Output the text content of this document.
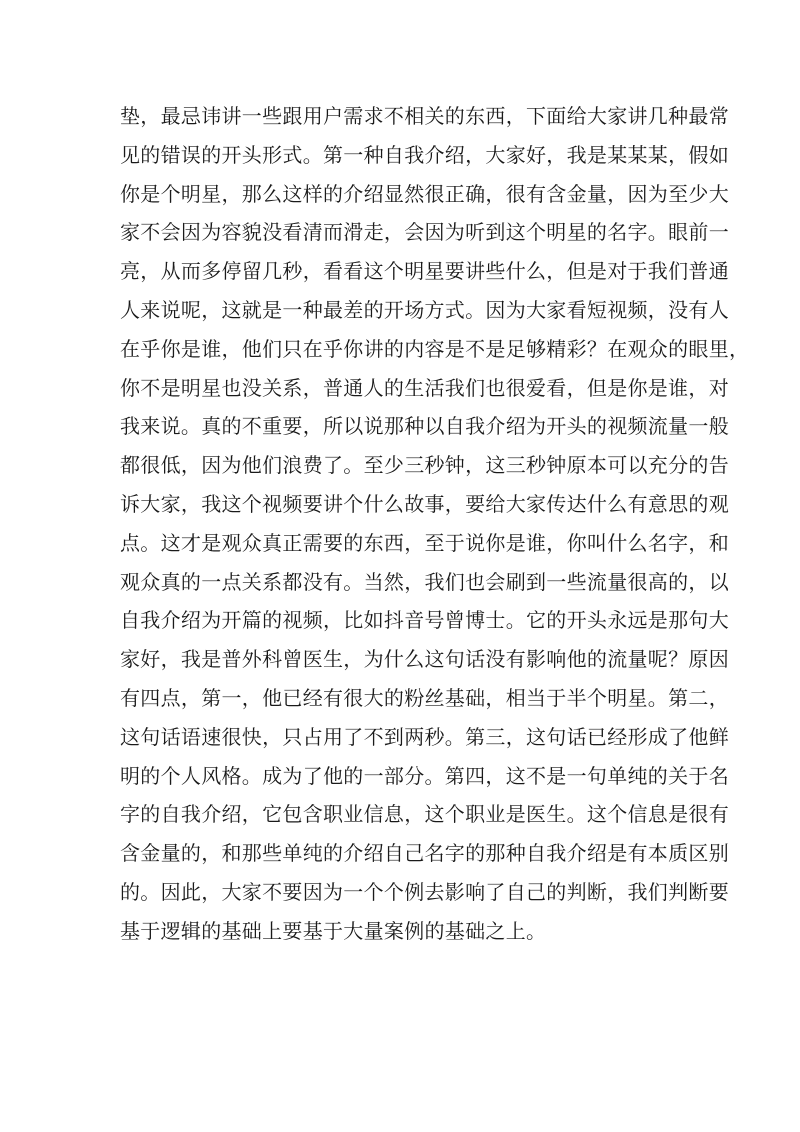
垫，最忌讳讲一些跟用户需求不相关的东西，下面给大家讲几种最常
见的错误的开头形式。第一种自我介绍，大家好，我是某某某，假如
你是个明星，那么这样的介绍显然很正确，很有含金量，因为至少大
家不会因为容貌没看清而滑走，会因为听到这个明星的名字。眼前一
亮，从而多停留几秒，看看这个明星要讲些什么，但是对于我们普通
人来说呢，这就是一种最差的开场方式。因为大家看短视频，没有人
在乎你是谁，他们只在乎你讲的内容是不是足够精彩？在观众的眼里，
你不是明星也没关系，普通人的生活我们也很爱看，但是你是谁，对
我来说。真的不重要，所以说那种以自我介绍为开头的视频流量一般
都很低，因为他们浪费了。至少三秒钟，这三秒钟原本可以充分的告
诉大家，我这个视频要讲个什么故事，要给大家传达什么有意思的观
点。这才是观众真正需要的东西，至于说你是谁，你叫什么名字，和
观众真的一点关系都没有。当然，我们也会刷到一些流量很高的，以
自我介绍为开篇的视频，比如抖音号曾博士。它的开头永远是那句大
家好，我是普外科曾医生，为什么这句话没有影响他的流量呢？原因
有四点，第一，他已经有很大的粉丝基础，相当于半个明星。第二，
这句话语速很快，只占用了不到两秒。第三，这句话已经形成了他鲜
明的个人风格。成为了他的一部分。第四，这不是一句单纯的关于名
字的自我介绍，它包含职业信息，这个职业是医生。这个信息是很有
含金量的，和那些单纯的介绍自己名字的那种自我介绍是有本质区别
的。因此，大家不要因为一个个例去影响了自己的判断，我们判断要
基于逻辑的基础上要基于大量案例的基础之上。
